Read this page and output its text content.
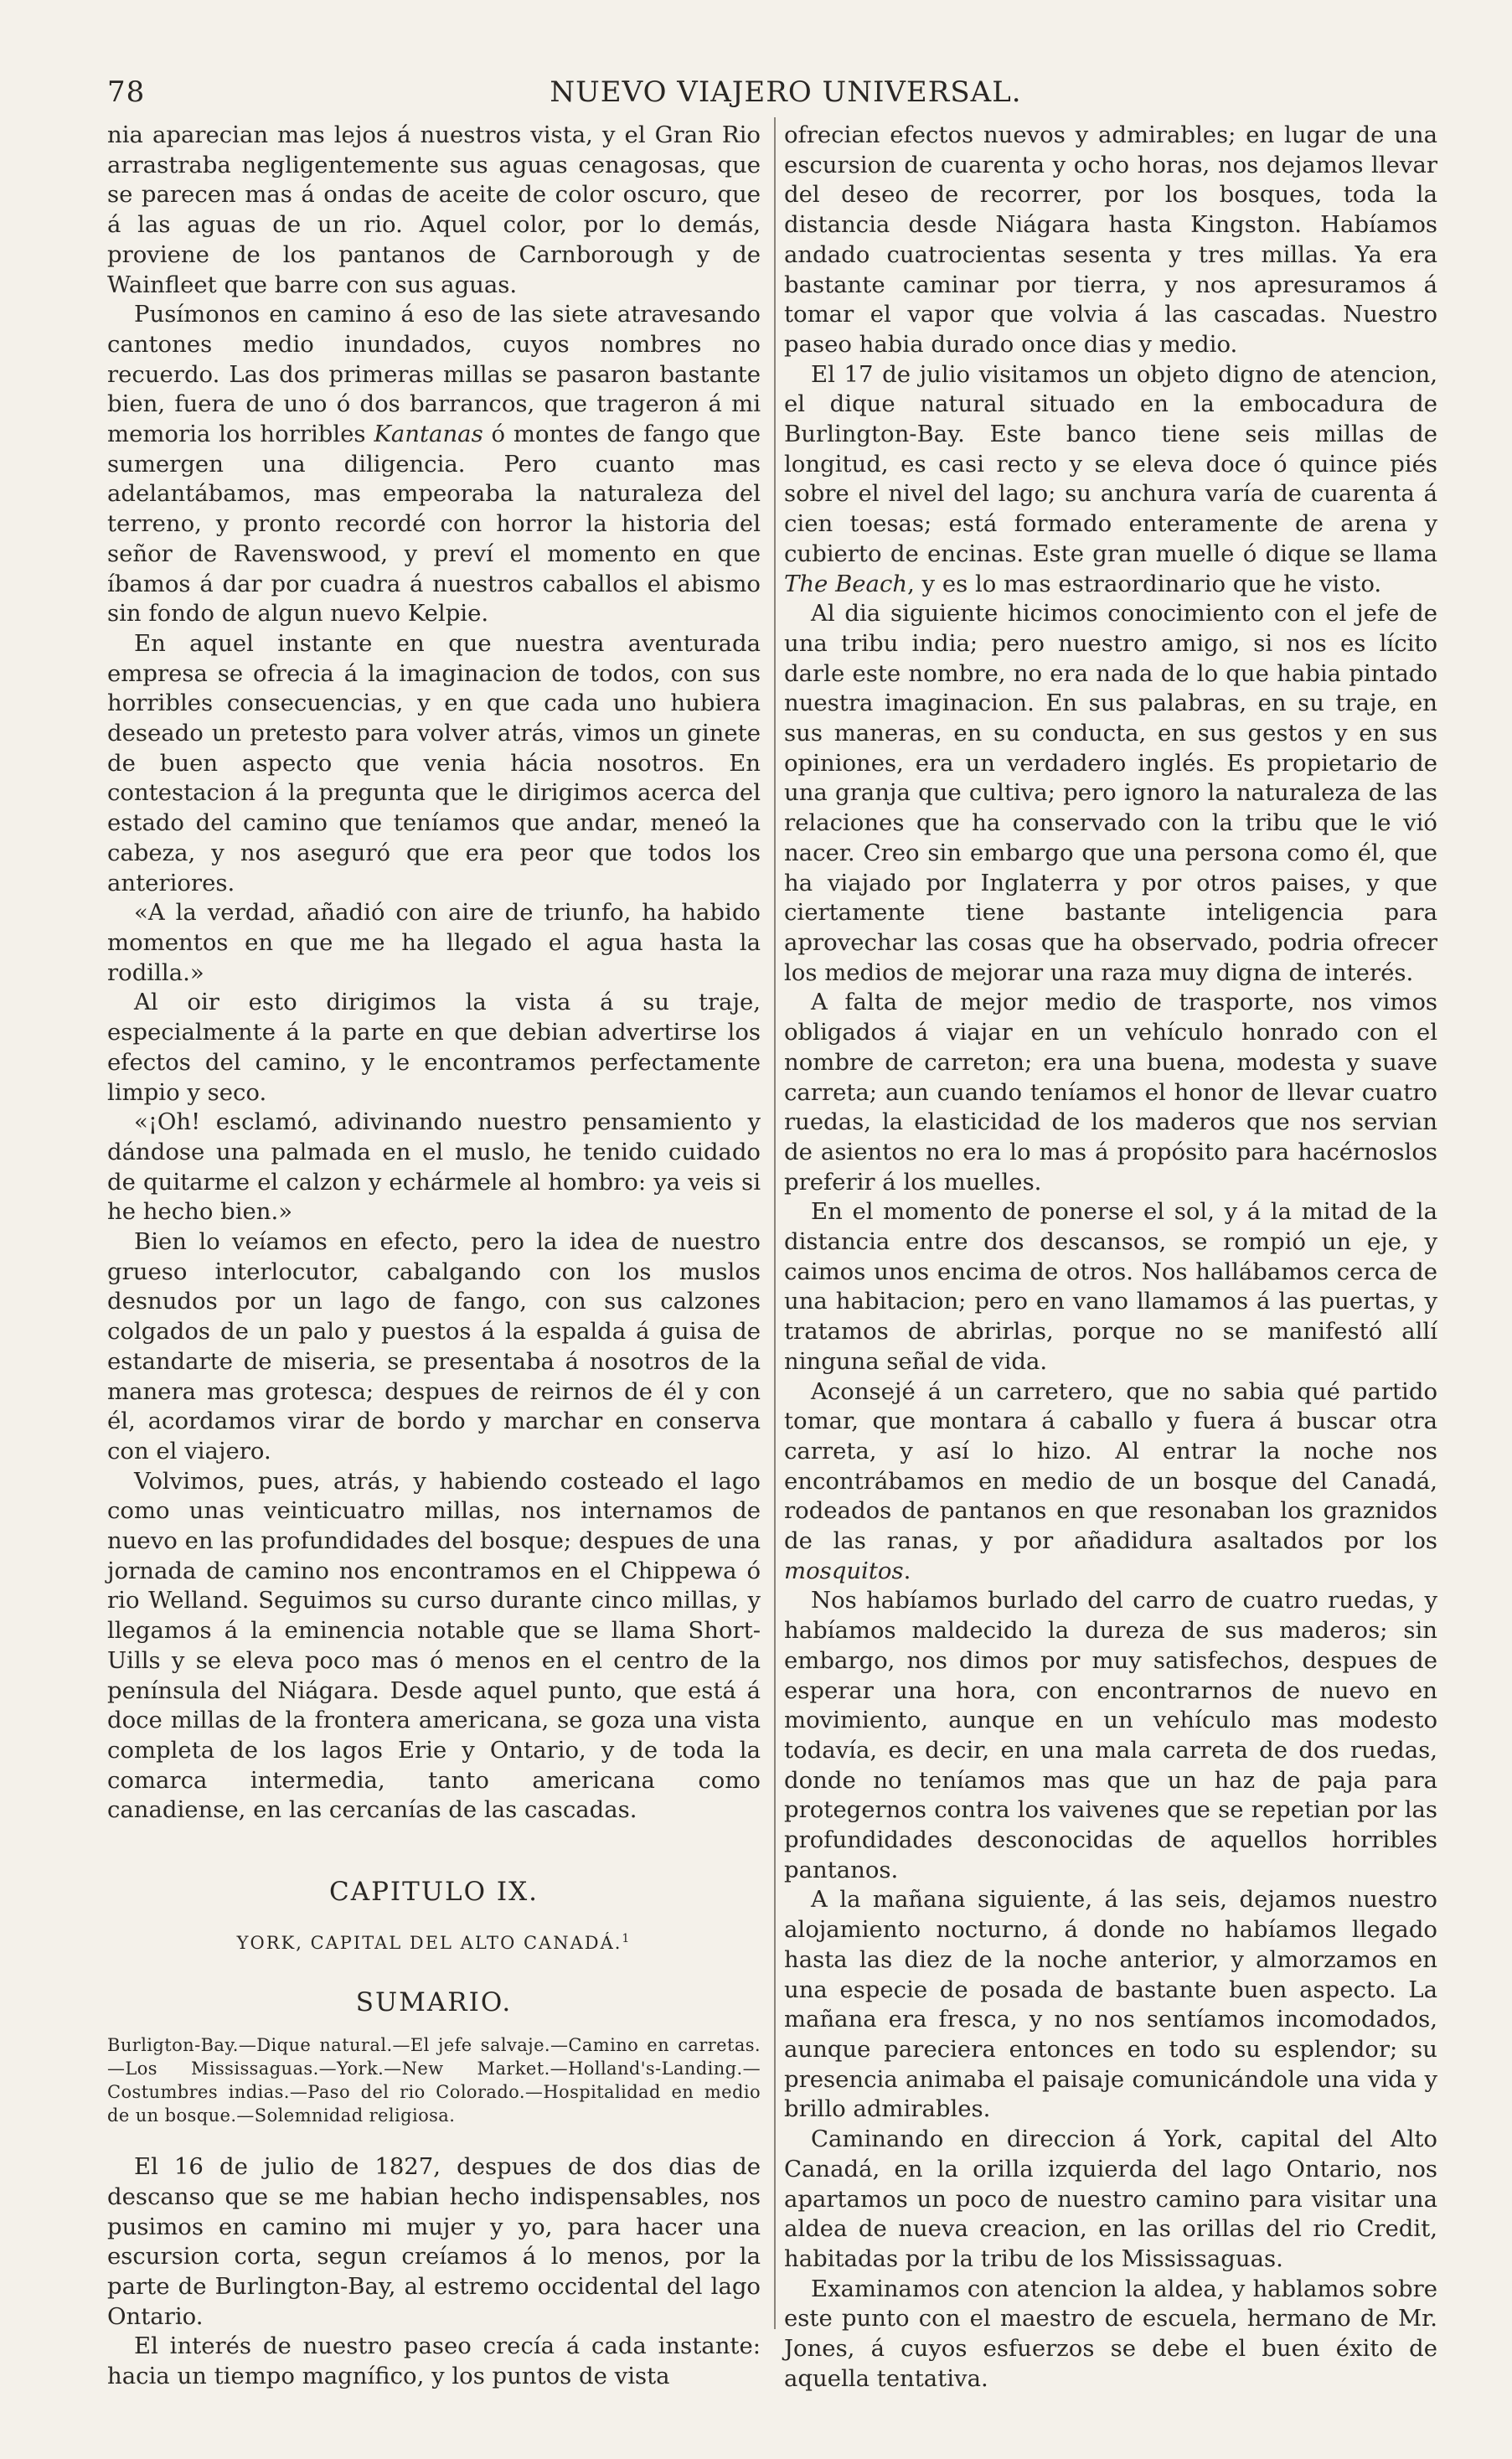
78	NUEVO VIAJERO UNIVERSAL.

nia aparecian mas lejos á nuestros vista, y el Gran Rio arrastraba negligentemente sus aguas cenagosas, que se parecen mas á ondas de aceite de color oscuro, que á las aguas de un rio. Aquel color, por lo demás, proviene de los pantanos de Carnborough y de Wainfleet que barre con sus aguas.

Pusímonos en camino á eso de las siete atravesando cantones medio inundados, cuyos nombres no recuerdo. Las dos primeras millas se pasaron bastante bien, fuera de uno ó dos barrancos, que trageron á mi memoria los horribles Kantanas ó montes de fango que sumergen una diligencia. Pero cuanto mas adelantábamos, mas empeoraba la naturaleza del terreno, y pronto recordé con horror la historia del señor de Ravenswood, y preví el momento en que íbamos á dar por cuadra á nuestros caballos el abismo sin fondo de algun nuevo Kelpie.

En aquel instante en que nuestra aventurada empresa se ofrecia á la imaginacion de todos, con sus horribles consecuencias, y en que cada uno hubiera deseado un pretesto para volver atrás, vimos un ginete de buen aspecto que venia hácia nosotros. En contestacion á la pregunta que le dirigimos acerca del estado del camino que teníamos que andar, meneó la cabeza, y nos aseguró que era peor que todos los anteriores.

«A la verdad, añadió con aire de triunfo, ha habido momentos en que me ha llegado el agua hasta la rodilla.»

Al oir esto dirigimos la vista á su traje, especialmente á la parte en que debian advertirse los efectos del camino, y le encontramos perfectamente limpio y seco.

«¡Oh! esclamó, adivinando nuestro pensamiento y dándose una palmada en el muslo, he tenido cuidado de quitarme el calzon y echármele al hombro: ya veis si he hecho bien.»

Bien lo veíamos en efecto, pero la idea de nuestro grueso interlocutor, cabalgando con los muslos desnudos por un lago de fango, con sus calzones colgados de un palo y puestos á la espalda á guisa de estandarte de miseria, se presentaba á nosotros de la manera mas grotesca; despues de reirnos de él y con él, acordamos virar de bordo y marchar en conserva con el viajero.

Volvimos, pues, atrás, y habiendo costeado el lago como unas veinticuatro millas, nos internamos de nuevo en las profundidades del bosque; despues de una jornada de camino nos encontramos en el Chippewa ó rio Welland. Seguimos su curso durante cinco millas, y llegamos á la eminencia notable que se llama Short-Uills y se eleva poco mas ó menos en el centro de la península del Niágara. Desde aquel punto, que está á doce millas de la frontera americana, se goza una vista completa de los lagos Erie y Ontario, y de toda la comarca intermedia, tanto americana como canadiense, en las cercanías de las cascadas.

CAPITULO IX.
YORK, CAPITAL DEL ALTO CANADÁ.$^1$
SUMARIO.
Burligton-Bay.—Dique natural.—El jefe salvaje.—Camino en carretas.—Los Mississaguas.—York.—New Market.—Holland's-Landing.—Costumbres indias.—Paso del rio Colorado.—Hospitalidad en medio de un bosque.—Solemnidad religiosa.

El 16 de julio de 1827, despues de dos dias de descanso que se me habian hecho indispensables, nos pusimos en camino mi mujer y yo, para hacer una escursion corta, segun creíamos á lo menos, por la parte de Burlington-Bay, al estremo occidental del lago Ontario.

El interés de nuestro paseo crecía á cada instante: hacia un tiempo magnífico, y los puntos de vista

ofrecian efectos nuevos y admirables; en lugar de una escursion de cuarenta y ocho horas, nos dejamos llevar del deseo de recorrer, por los bosques, toda la distancia desde Niágara hasta Kingston. Habíamos andado cuatrocientas sesenta y tres millas. Ya era bastante caminar por tierra, y nos apresuramos á tomar el vapor que volvia á las cascadas. Nuestro paseo habia durado once dias y medio.

El 17 de julio visitamos un objeto digno de atencion, el dique natural situado en la embocadura de Burlington-Bay. Este banco tiene seis millas de longitud, es casi recto y se eleva doce ó quince piés sobre el nivel del lago; su anchura varía de cuarenta á cien toesas; está formado enteramente de arena y cubierto de encinas. Este gran muelle ó dique se llama The Beach, y es lo mas estraordinario que he visto.

Al dia siguiente hicimos conocimiento con el jefe de una tribu india; pero nuestro amigo, si nos es lícito darle este nombre, no era nada de lo que habia pintado nuestra imaginacion. En sus palabras, en su traje, en sus maneras, en su conducta, en sus gestos y en sus opiniones, era un verdadero inglés. Es propietario de una granja que cultiva; pero ignoro la naturaleza de las relaciones que ha conservado con la tribu que le vió nacer. Creo sin embargo que una persona como él, que ha viajado por Inglaterra y por otros paises, y que ciertamente tiene bastante inteligencia para aprovechar las cosas que ha observado, podria ofrecer los medios de mejorar una raza muy digna de interés.

A falta de mejor medio de trasporte, nos vimos obligados á viajar en un vehículo honrado con el nombre de carreton; era una buena, modesta y suave carreta; aun cuando teníamos el honor de llevar cuatro ruedas, la elasticidad de los maderos que nos servian de asientos no era lo mas á propósito para hacérnoslos preferir á los muelles.

En el momento de ponerse el sol, y á la mitad de la distancia entre dos descansos, se rompió un eje, y caimos unos encima de otros. Nos hallábamos cerca de una habitacion; pero en vano llamamos á las puertas, y tratamos de abrirlas, porque no se manifestó allí ninguna señal de vida.

Aconsejé á un carretero, que no sabia qué partido tomar, que montara á caballo y fuera á buscar otra carreta, y así lo hizo. Al entrar la noche nos encontrábamos en medio de un bosque del Canadá, rodeados de pantanos en que resonaban los graznidos de las ranas, y por añadidura asaltados por los mosquitos.

Nos habíamos burlado del carro de cuatro ruedas, y habíamos maldecido la dureza de sus maderos; sin embargo, nos dimos por muy satisfechos, despues de esperar una hora, con encontrarnos de nuevo en movimiento, aunque en un vehículo mas modesto todavía, es decir, en una mala carreta de dos ruedas, donde no teníamos mas que un haz de paja para protegernos contra los vaivenes que se repetian por las profundidades desconocidas de aquellos horribles pantanos.

A la mañana siguiente, á las seis, dejamos nuestro alojamiento nocturno, á donde no habíamos llegado hasta las diez de la noche anterior, y almorzamos en una especie de posada de bastante buen aspecto. La mañana era fresca, y no nos sentíamos incomodados, aunque pareciera entonces en todo su esplendor; su presencia animaba el paisaje comunicándole una vida y brillo admirables.

Caminando en direccion á York, capital del Alto Canadá, en la orilla izquierda del lago Ontario, nos apartamos un poco de nuestro camino para visitar una aldea de nueva creacion, en las orillas del rio Credit, habitadas por la tribu de los Mississaguas.

Examinamos con atencion la aldea, y hablamos sobre este punto con el maestro de escuela, hermano de Mr. Jones, á cuyos esfuerzos se debe el buen éxito de aquella tentativa.
